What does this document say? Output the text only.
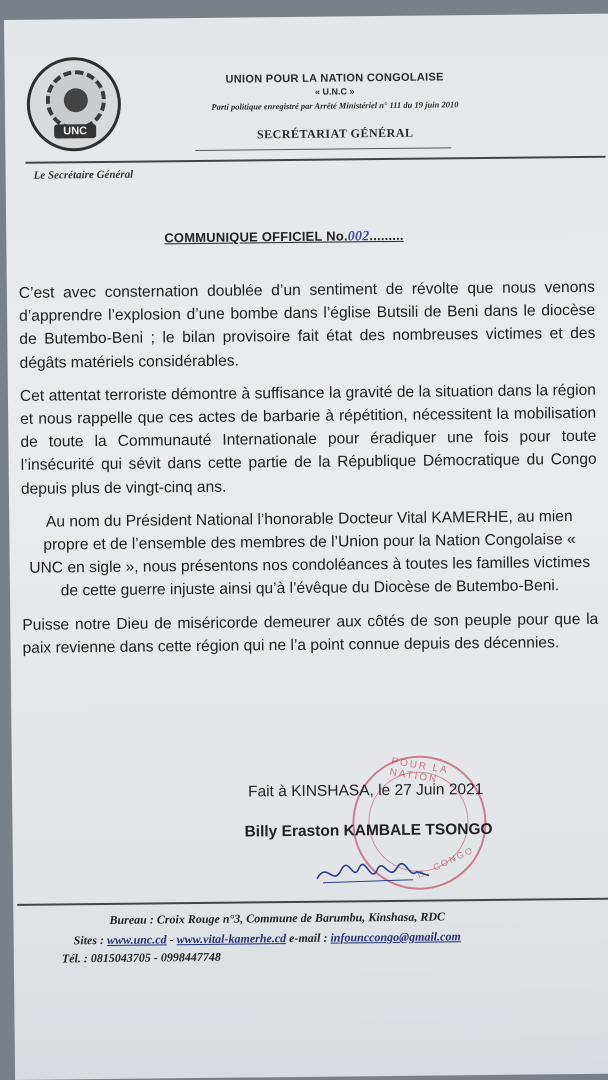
UNC
UNION POUR LA NATION CONGOLAISE
« U.N.C »
Parti politique enregistré par Arrêté Ministériel n° 111 du 19 juin 2010
SECRÉTARIAT GÉNÉRAL
Le Secrétaire Général
COMMUNIQUE OFFICIEL No.002.........

C’est avec consternation doublée d’un sentiment de révolte que nous venons d’apprendre l’explosion d’une bombe dans l’église Butsili de Beni dans le diocèse de Butembo-Beni ; le bilan provisoire fait état des nombreuses victimes et des dégâts matériels considérables.

Cet attentat terroriste démontre à suffisance la gravité de la situation dans la région et nous rappelle que ces actes de barbarie à répétition, nécessitent la mobilisation de toute la Communauté Internationale pour éradiquer une fois pour toute l’insécurité qui sévit dans cette partie de la République Démocratique du Congo depuis plus de vingt-cinq ans.

Au nom du Président National l’honorable Docteur Vital KAMERHE, au mien propre et de l’ensemble des membres de l’Union pour la Nation Congolaise « UNC en sigle », nous présentons nos condoléances à toutes les familles victimes de cette guerre injuste ainsi qu’à l’évêque du Diocèse de Butembo-Beni.

Puisse notre Dieu de miséricorde demeurer aux côtés de son peuple pour que la paix revienne dans cette région qui ne l’a point connue depuis des décennies.

POUR LA NATION
D. CONGO
Fait à KINSHASA, le 27 Juin 2021
Billy Eraston KAMBALE TSONGO
Bureau : Croix Rouge n°3, Commune de Barumbu, Kinshasa, RDC
Sites : www.unc.cd - www.vital-kamerhe.cd e-mail : infounccongo@gmail.com
Tél. : 0815043705 - 0998447748
